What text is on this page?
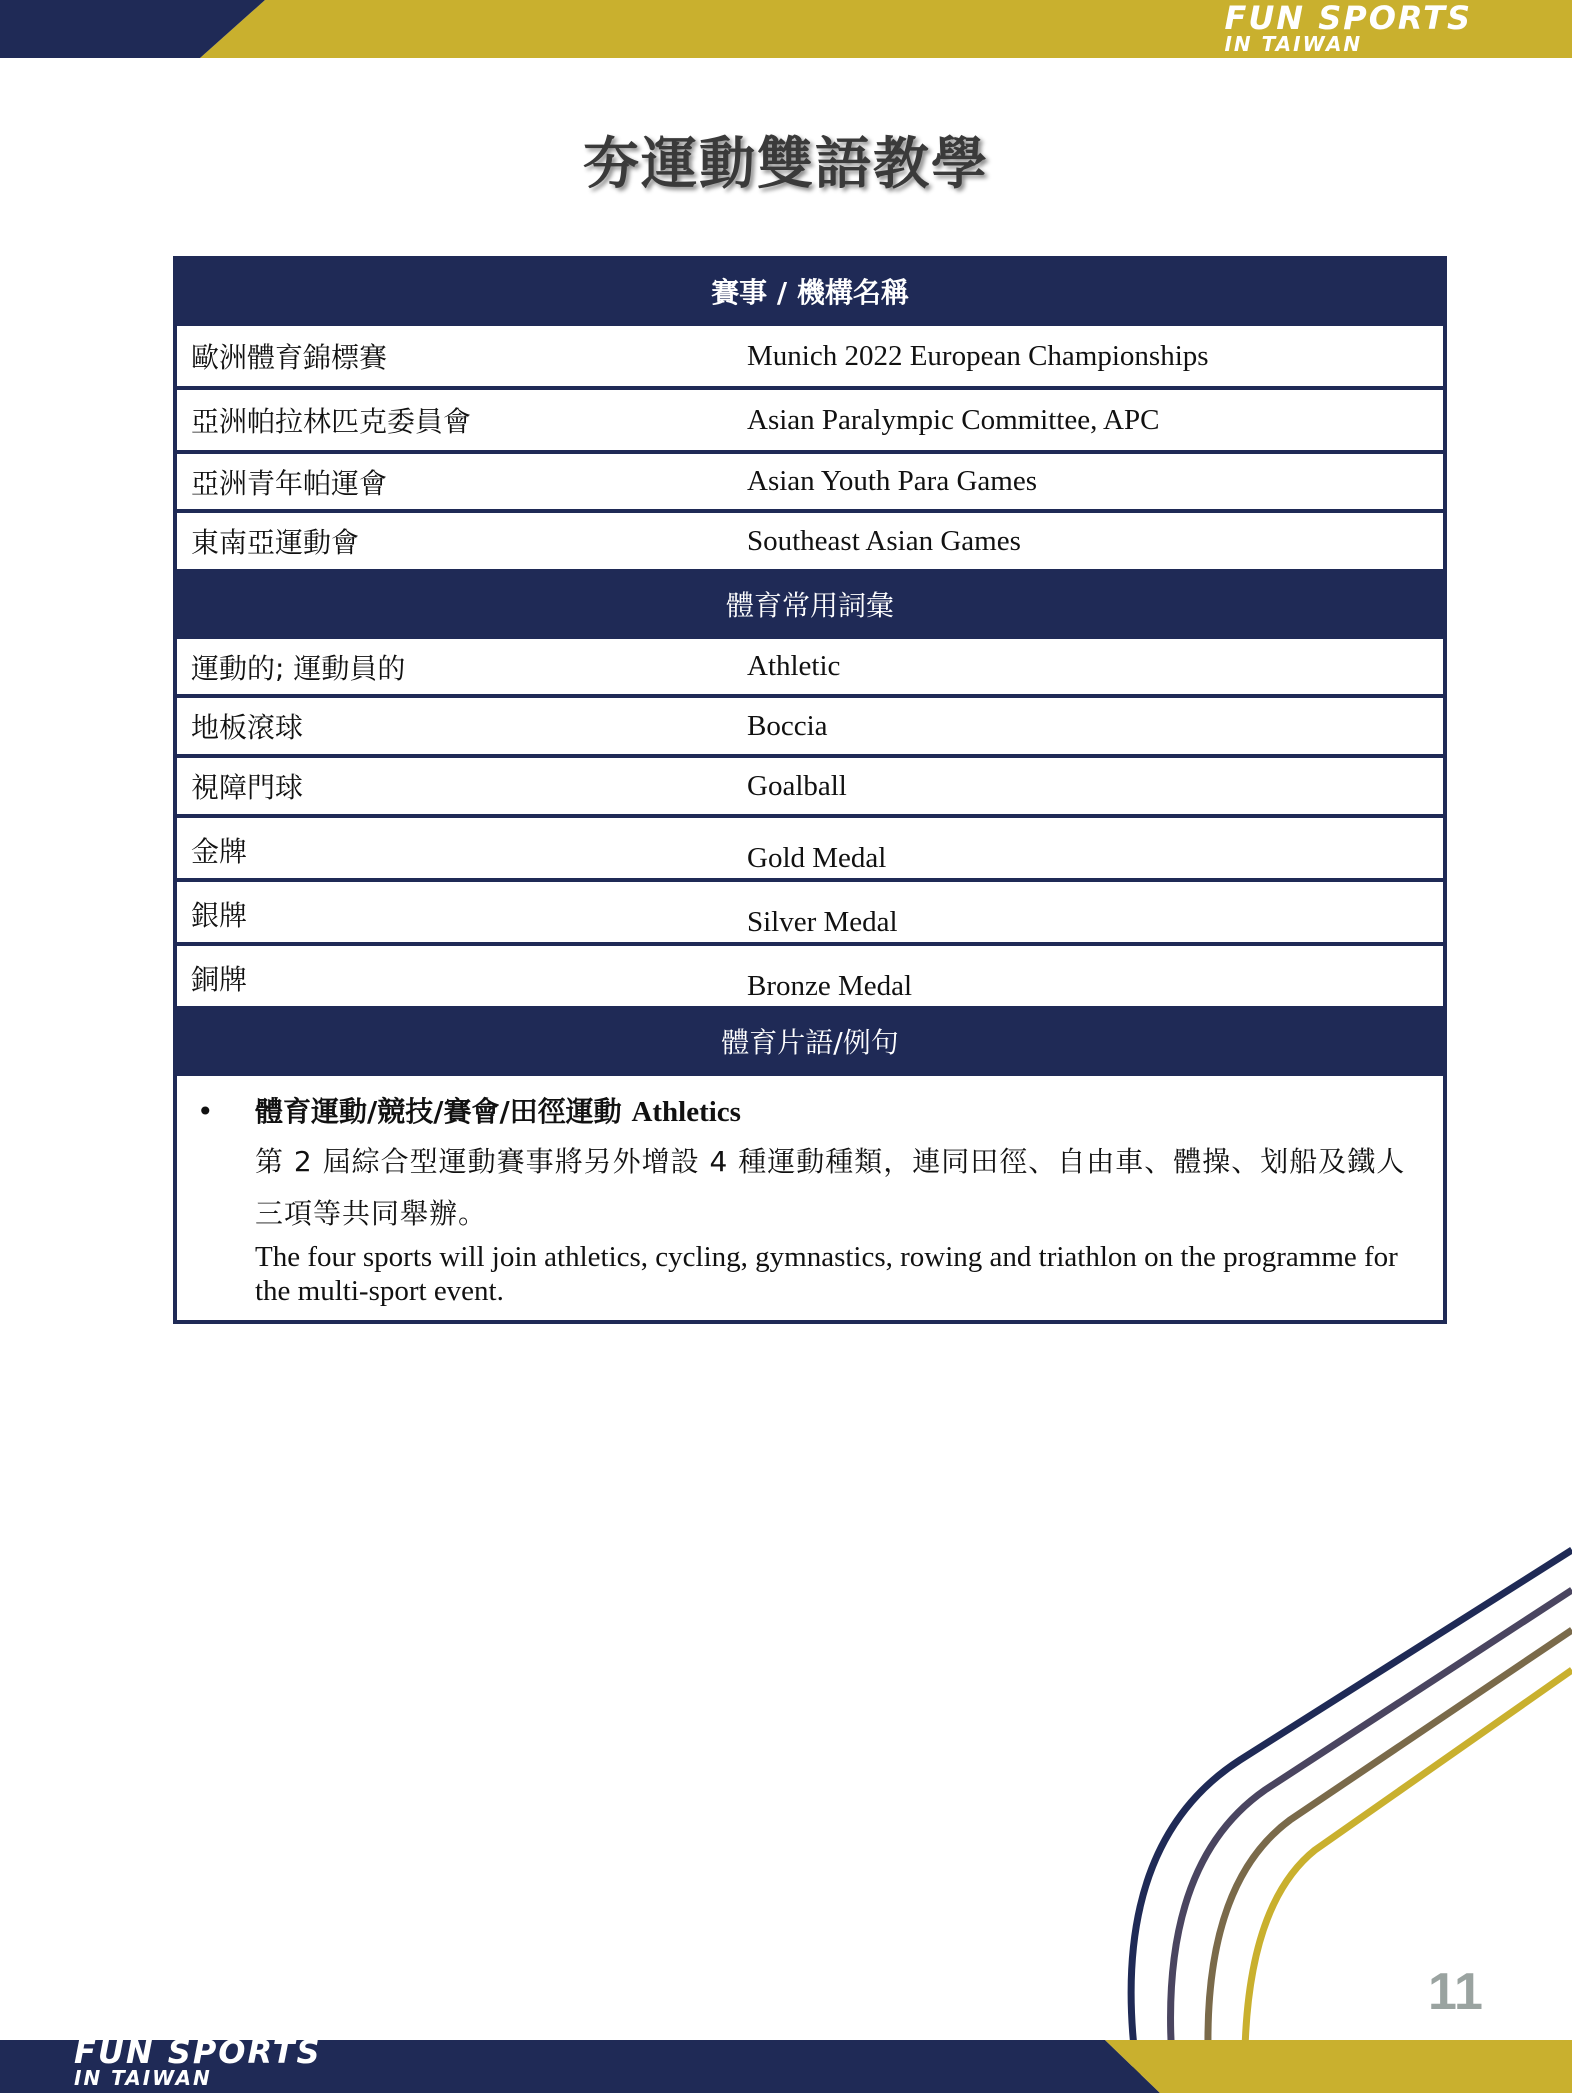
FUN SPORTS
IN TAIWAN
夯運動雙語教學
賽事 / 機構名稱
歐洲體育錦標賽	Munich 2022 European Championships
亞洲帕拉林匹克委員會	Asian Paralympic Committee, APC
亞洲青年帕運會	Asian Youth Para Games
東南亞運動會	Southeast Asian Games
體育常用詞彙
運動的; 運動員的	Athletic
地板滾球	Boccia
視障門球	Goalball
金牌	Gold Medal
銀牌	Silver Medal
銅牌	Bronze Medal
體育片語/例句
•	體育運動/競技/賽會/田徑運動 Athletics
第 2 屆綜合型運動賽事將另外增設 4 種運動種類，連同田徑、自由車、體操、划船及鐵人三項等共同舉辦。
The four sports will join athletics, cycling, gymnastics, rowing and triathlon on the programme for the multi-sport event.
11
FUN SPORTS
IN TAIWAN
